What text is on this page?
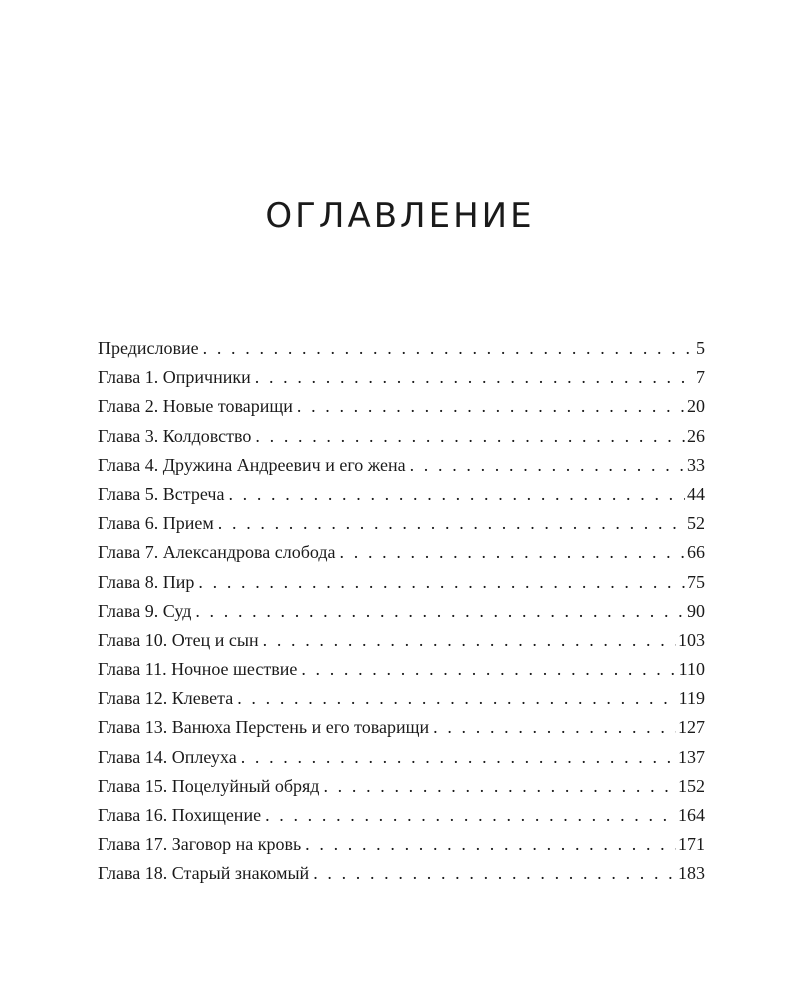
ОГЛАВЛЕНИЕ
Предисловие . . .	5
Глава 1. Опричники . . .	7
Глава 2. Новые товарищи . . .	20
Глава 3. Колдовство . . .	26
Глава 4. Дружина Андреевич и его жена . . .	33
Глава 5. Встреча . . .	44
Глава 6. Прием . . .	52
Глава 7. Александрова слобода . . .	66
Глава 8. Пир . . .	75
Глава 9. Суд . . .	90
Глава 10. Отец и сын . . .	103
Глава 11. Ночное шествие . . .	110
Глава 12. Клевета . . .	119
Глава 13. Ванюха Перстень и его товарищи . . .	127
Глава 14. Оплеуха . . .	137
Глава 15. Поцелуйный обряд . . .	152
Глава 16. Похищение . . .	164
Глава 17. Заговор на кровь . . .	171
Глава 18. Старый знакомый . . .	183
